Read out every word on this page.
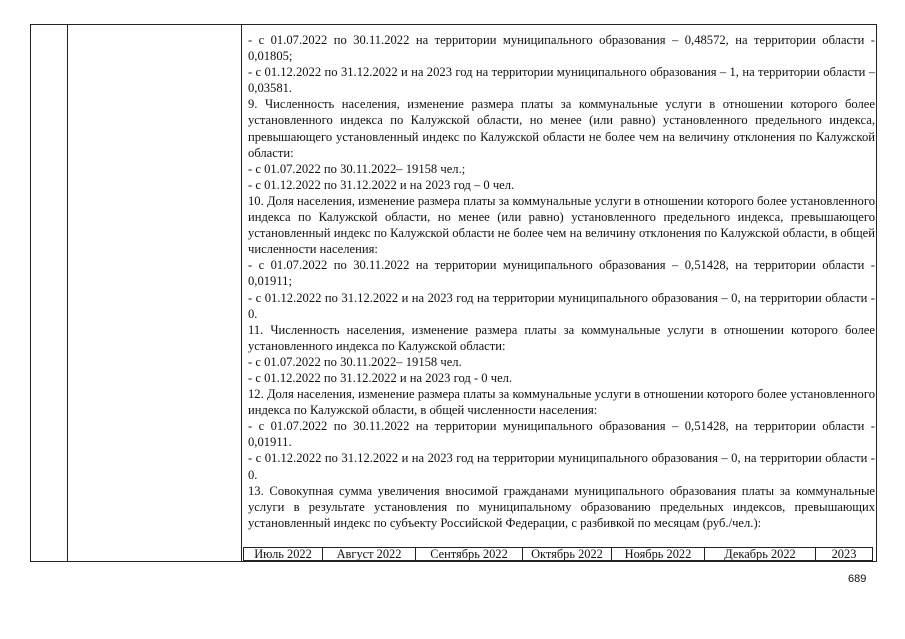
- с 01.07.2022 по 30.11.2022 на территории муниципального образования – 0,48572, на территории области - 0,01805;

- с 01.12.2022 по 31.12.2022 и на 2023 год на территории муниципального образования – 1, на территории области – 0,03581.

9. Численность населения, изменение размера платы за коммунальные услуги в отношении которого более установленного индекса по Калужской области, но менее (или равно) установленного предельного индекса, превышающего установленный индекс по Калужской области не более чем на величину отклонения по Калужской области:

- с 01.07.2022 по 30.11.2022– 19158 чел.;

- с 01.12.2022 по 31.12.2022 и на 2023 год – 0 чел.

10. Доля населения, изменение размера платы за коммунальные услуги в отношении которого более установленного индекса по Калужской области, но менее (или равно) установленного предельного индекса, превышающего установленный индекс по Калужской области не более чем на величину отклонения по Калужской области, в общей численности населения:

- с 01.07.2022 по 30.11.2022 на территории муниципального образования – 0,51428, на территории области - 0,01911;

- с 01.12.2022 по 31.12.2022 и на 2023 год на территории муниципального образования – 0, на территории области - 0.

11. Численность населения, изменение размера платы за коммунальные услуги в отношении которого более установленного индекса по Калужской области:

- с 01.07.2022 по 30.11.2022– 19158 чел.

- с 01.12.2022 по 31.12.2022 и на 2023 год - 0 чел.

12. Доля населения, изменение размера платы за коммунальные услуги в отношении которого более установленного индекса по Калужской области, в общей численности населения:

- с 01.07.2022 по 30.11.2022 на территории муниципального образования – 0,51428, на территории области - 0,01911.

- с 01.12.2022 по 31.12.2022 и на 2023 год на территории муниципального образования – 0, на территории области - 0.

13. Совокупная сумма увеличения вносимой гражданами муниципального образования платы за коммунальные услуги в результате установления по муниципальному образованию предельных индексов, превышающих установленный индекс по субъекту Российской Федерации, с разбивкой по месяцам (руб./чел.):

Июль 2022	Август 2022	Сентябрь 2022	Октябрь 2022	Ноябрь 2022	Декабрь 2022	2023
689
